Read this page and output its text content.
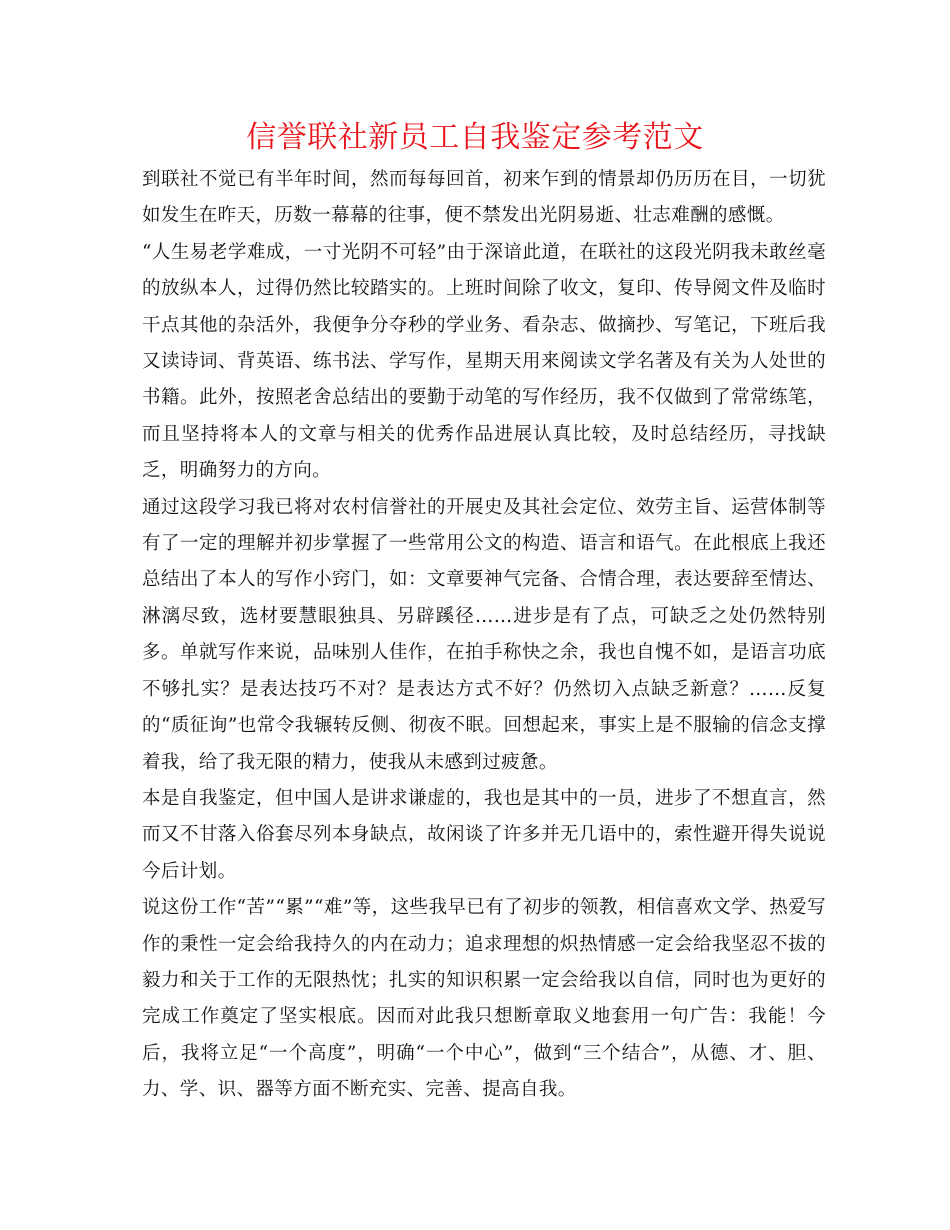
信誉联社新员工自我鉴定参考范文

到联社不觉已有半年时间，然而每每回首，初来乍到的情景却仍历历在目，一切犹如发生在昨天，历数一幕幕的往事，便不禁发出光阴易逝、壮志难酬的感慨。

“人生易老学难成，一寸光阴不可轻”由于深谙此道，在联社的这段光阴我未敢丝毫的放纵本人，过得仍然比较踏实的。上班时间除了收文，复印、传导阅文件及临时干点其他的杂活外，我便争分夺秒的学业务、看杂志、做摘抄、写笔记，下班后我又读诗词、背英语、练书法、学写作，星期天用来阅读文学名著及有关为人处世的书籍。此外，按照老舍总结出的要勤于动笔的写作经历，我不仅做到了常常练笔，而且坚持将本人的文章与相关的优秀作品进展认真比较，及时总结经历，寻找缺乏，明确努力的方向。

通过这段学习我已将对农村信誉社的开展史及其社会定位、效劳主旨、运营体制等有了一定的理解并初步掌握了一些常用公文的构造、语言和语气。在此根底上我还总结出了本人的写作小窍门，如：文章要神气完备、合情合理，表达要辞至情达、淋漓尽致，选材要慧眼独具、另辟蹊径……进步是有了点，可缺乏之处仍然特别多。单就写作来说，品味别人佳作，在拍手称快之余，我也自愧不如，是语言功底不够扎实？是表达技巧不对？是表达方式不好？仍然切入点缺乏新意？……反复的“质征询”也常令我辗转反侧、彻夜不眠。回想起来，事实上是不服输的信念支撑着我，给了我无限的精力，使我从未感到过疲惫。

本是自我鉴定，但中国人是讲求谦虚的，我也是其中的一员，进步了不想直言，然而又不甘落入俗套尽列本身缺点，故闲谈了许多并无几语中的，索性避开得失说说今后计划。

说这份工作“苦”“累”“难”等，这些我早已有了初步的领教，相信喜欢文学、热爱写作的秉性一定会给我持久的内在动力；追求理想的炽热情感一定会给我坚忍不拔的毅力和关于工作的无限热忱；扎实的知识积累一定会给我以自信，同时也为更好的完成工作奠定了坚实根底。因而对此我只想断章取义地套用一句广告：我能！今后，我将立足“一个高度”，明确“一个中心”，做到“三个结合”，从德、才、胆、力、学、识、器等方面不断充实、完善、提高自我。
